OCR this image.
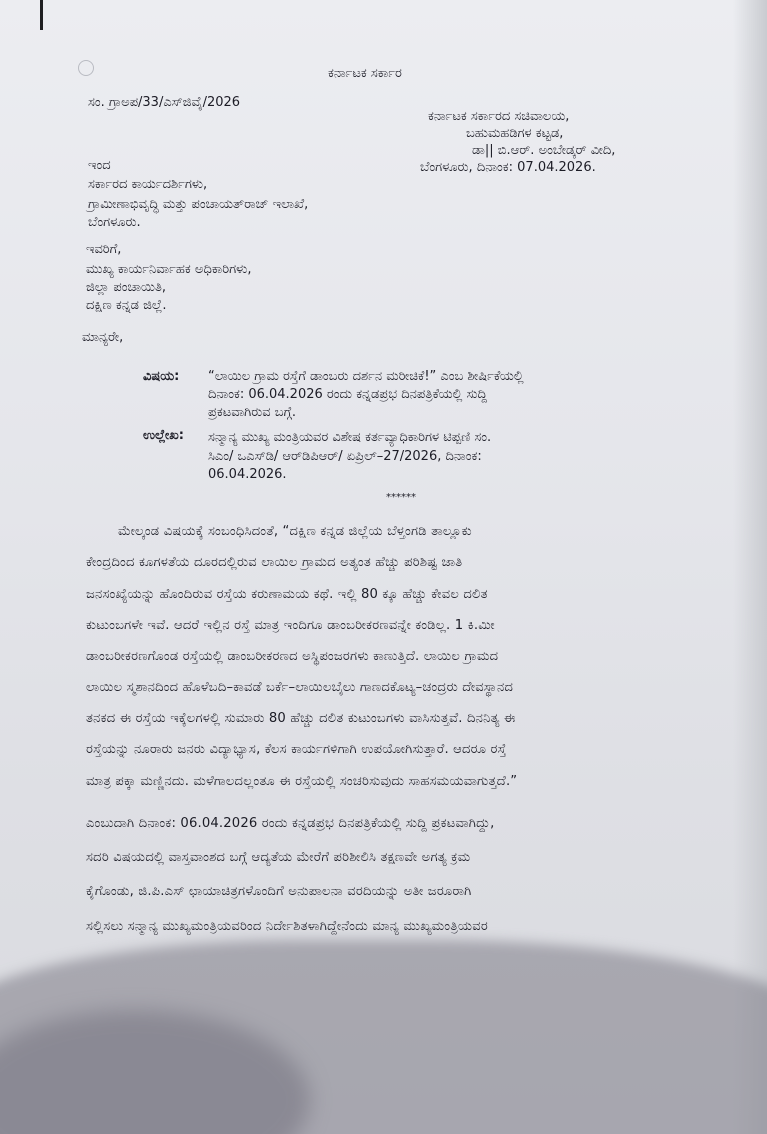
ಕರ್ನಾಟಕ ಸರ್ಕಾರ
ಸಂ. ಗ್ರಾಅಪ/33/ಎಸ್‌ಜಿವೈ/2026
ಕರ್ನಾಟಕ ಸರ್ಕಾರದ ಸಚಿವಾಲಯ,
ಬಹುಮಹಡಿಗಳ ಕಟ್ಟಡ,
ಡಾ|| ಬಿ.ಆರ್. ಅಂಬೇಡ್ಕರ್ ವೀದಿ,
ಬೆಂಗಳೂರು, ದಿನಾಂಕ: 07.04.2026.
ಇಂದ
ಸರ್ಕಾರದ ಕಾರ್ಯದರ್ಶಿಗಳು,
ಗ್ರಾಮೀಣಾಭಿವೃದ್ಧಿ ಮತ್ತು ಪಂಚಾಯತ್‌ರಾಜ್ ಇಲಾಖೆ,
ಬೆಂಗಳೂರು.
ಇವರಿಗೆ,
ಮುಖ್ಯ ಕಾರ್ಯನಿರ್ವಾಹಕ ಅಧಿಕಾರಿಗಳು,
ಜಿಲ್ಲಾ ಪಂಚಾಯಿತಿ,
ದಕ್ಷಿಣ ಕನ್ನಡ ಜಿಲ್ಲೆ.
ಮಾನ್ಯರೇ,
ವಿಷಯ: “ಲಾಯಿಲ ಗ್ರಾಮ ರಸ್ತೆಗೆ ಡಾಂಬರು ದರ್ಶನ ಮರೀಚಿಕೆ!” ಎಂಬ ಶೀರ್ಷಿಕೆಯಲ್ಲಿ
ದಿನಾಂಕ: 06.04.2026 ರಂದು ಕನ್ನಡಪ್ರಭ ದಿನಪತ್ರಿಕೆಯಲ್ಲಿ ಸುದ್ದಿ
ಪ್ರಕಟವಾಗಿರುವ ಬಗ್ಗೆ.
ಉಲ್ಲೇಖ: ಸನ್ಮಾನ್ಯ ಮುಖ್ಯ ಮಂತ್ರಿಯವರ ವಿಶೇಷ ಕರ್ತವ್ಯಾಧಿಕಾರಿಗಳ ಟಿಪ್ಪಣಿ ಸಂ.
ಸಿಎಂ/ ಒಎಸ್‌ಡಿ/ ಆರ್‌ಡಿಪಿಆರ್/ ಏಪ್ರಿಲ್–27/2026, ದಿನಾಂಕ:
06.04.2026.
******
ಮೇಲ್ಕಂಡ ವಿಷಯಕ್ಕೆ ಸಂಬಂಧಿಸಿದಂತೆ, “ದಕ್ಷಿಣ ಕನ್ನಡ ಜಿಲ್ಲೆಯ ಬೆಳ್ತಂಗಡಿ ತಾಲ್ಲೂಕು
ಕೇಂದ್ರದಿಂದ ಕೂಗಳತೆಯ ದೂರದಲ್ಲಿರುವ ಲಾಯಿಲ ಗ್ರಾಮದ ಅತ್ಯಂತ ಹೆಚ್ಚು ಪರಿಶಿಷ್ಟ ಜಾತಿ
ಜನಸಂಖ್ಯೆಯನ್ನು ಹೊಂದಿರುವ ರಸ್ತೆಯ ಕರುಣಾಮಯ ಕಥೆ. ಇಲ್ಲಿ 80 ಕ್ಕೂ ಹೆಚ್ಚು ಕೇವಲ ದಲಿತ
ಕುಟುಂಬಗಳೇ ಇವೆ. ಆದರೆ ಇಲ್ಲಿನ ರಸ್ತೆ ಮಾತ್ರ ಇಂದಿಗೂ ಡಾಂಬರೀಕರಣವನ್ನೇ ಕಂಡಿಲ್ಲ. 1 ಕಿ.ಮೀ
ಡಾಂಬರೀಕರಣಗೊಂಡ ರಸ್ತೆಯಲ್ಲಿ ಡಾಂಬರೀಕರಣದ ಅಸ್ಥಿಪಂಜರಗಳು ಕಾಣುತ್ತಿದೆ. ಲಾಯಿಲ ಗ್ರಾಮದ
ಲಾಯಿಲ ಸ್ಮಶಾನದಿಂದ ಹೊಳೆಬದಿ–ಕಾವಡೆ ಬರ್ಕೆ–ಲಾಯಿಲಬೈಲು ಗಾಣದಕೊಟ್ಯ–ಚಂದ್ರರು ದೇವಸ್ಥಾನದ
ತನಕದ ಈ ರಸ್ತೆಯ ಇಕ್ಕೆಲಗಳಲ್ಲಿ ಸುಮಾರು 80 ಹೆಚ್ಚು ದಲಿತ ಕುಟುಂಬಗಳು ವಾಸಿಸುತ್ತವೆ. ದಿನನಿತ್ಯ ಈ
ರಸ್ತೆಯನ್ನು ನೂರಾರು ಜನರು ವಿದ್ಯಾಭ್ಯಾಸ, ಕೆಲಸ ಕಾರ್ಯಗಳಿಗಾಗಿ ಉಪಯೋಗಿಸುತ್ತಾರೆ. ಆದರೂ ರಸ್ತೆ
ಮಾತ್ರ ಪಕ್ಕಾ ಮಣ್ಣಿನದು. ಮಳೆಗಾಲದಲ್ಲಂತೂ ಈ ರಸ್ತೆಯಲ್ಲಿ ಸಂಚರಿಸುವುದು ಸಾಹಸಮಯವಾಗುತ್ತದೆ.”
ಎಂಬುದಾಗಿ ದಿನಾಂಕ: 06.04.2026 ರಂದು ಕನ್ನಡಪ್ರಭ ದಿನಪತ್ರಿಕೆಯಲ್ಲಿ ಸುದ್ದಿ ಪ್ರಕಟವಾಗಿದ್ದು,
ಸದರಿ ವಿಷಯದಲ್ಲಿ ವಾಸ್ತವಾಂಶದ ಬಗ್ಗೆ ಆದ್ಯತೆಯ ಮೇರೆಗೆ ಪರಿಶೀಲಿಸಿ ತಕ್ಷಣವೇ ಅಗತ್ಯ ಕ್ರಮ
ಕೈಗೊಂಡು, ಜಿ.ಪಿ.ಎಸ್ ಛಾಯಾಚಿತ್ರಗಳೊಂದಿಗೆ ಅನುಪಾಲನಾ ವರದಿಯನ್ನು ಅತೀ ಜರೂರಾಗಿ
ಸಲ್ಲಿಸಲು ಸನ್ಮಾನ್ಯ ಮುಖ್ಯಮಂತ್ರಿಯವರಿಂದ ನಿರ್ದೇಶಿತಳಾಗಿದ್ದೇನೆಂದು ಮಾನ್ಯ ಮುಖ್ಯಮಂತ್ರಿಯವರ
